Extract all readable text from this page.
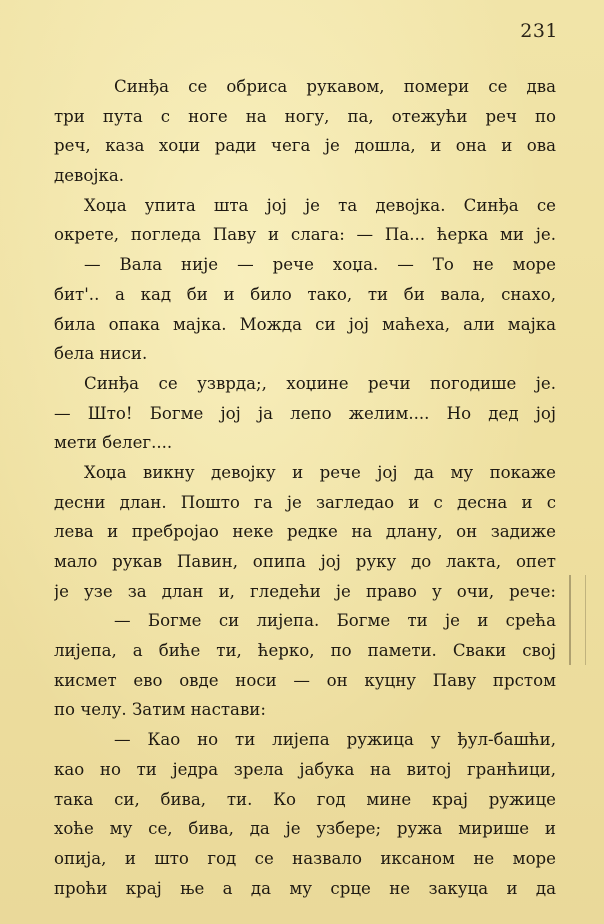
231
Синђа се обриса рукавом, помери се два
три пута с ноге на ногу, па, отежући реч по
реч, каза хоџи ради чега је дошла, и она и ова
девојка.
Хоџа упита шта јој је та девојка. Синђа се
окрете, погледа Паву и слага: — Па... ћерка ми је.
— Вала није — рече хоџа. — То не море
бит'.. а кад би и било тако, ти би вала, снахо,
била опака мајка. Можда си јој маћеха, али мајка
бела ниси.
Синђа се узврда;, хоџине речи погодише је.
— Што! Богме јој ја лепо желим.... Но дед јој
мети белег....
Хоџа викну девојку и рече јој да му покаже
десни длан. Пошто га је загледао и с десна и с
лева и пребројао неке редке на длану, он задиже
мало рукав Павин, опипа јој руку до лакта, опет
је узе за длан и, гледећи је право у очи, рече:
— Богме си лијепа. Богме ти је и срећа
лијепа, а биће ти, ћерко, по памети. Сваки свој
кисмет ево овде носи — он куцну Паву прстом
по челу. Затим настави:
— Као но ти лијепа ружица у ђул-башћи,
као но ти једра зрела јабука на витој гранћици,
така си, бива, ти. Ко год мине крај ружице
хоће му се, бива, да је узбере; ружа мирише и
опија, и што год се назвало иксаном не море
проћи крај ње а да му срце не закуца и да
